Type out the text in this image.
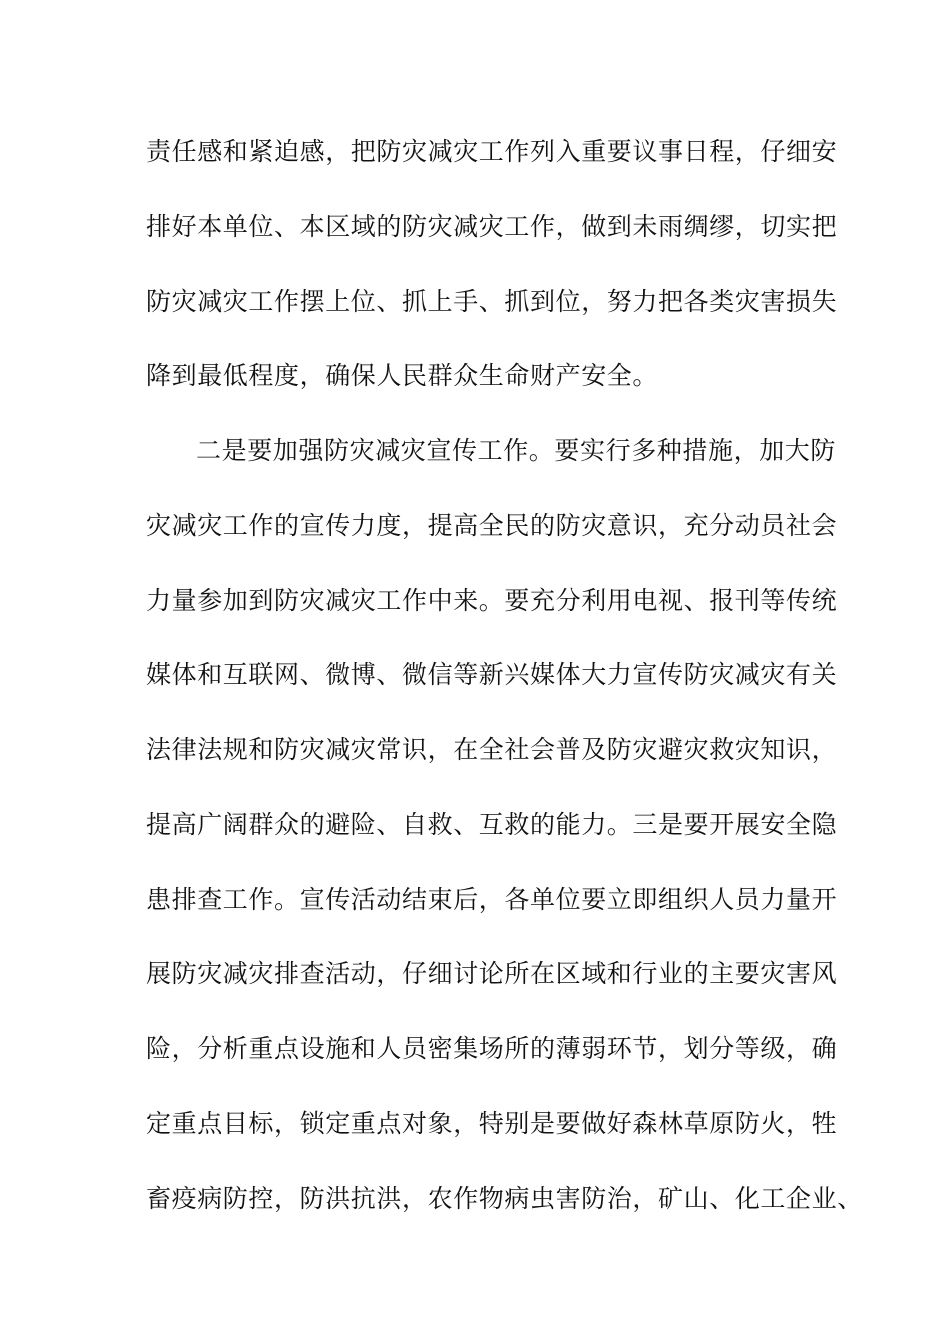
责任感和紧迫感，把防灾减灾工作列入重要议事日程，仔细安
排好本单位、本区域的防灾减灾工作，做到未雨绸缪，切实把
防灾减灾工作摆上位、抓上手、抓到位，努力把各类灾害损失
降到最低程度，确保人民群众生命财产安全。
二是要加强防灾减灾宣传工作。要实行多种措施，加大防
灾减灾工作的宣传力度，提高全民的防灾意识，充分动员社会
力量参加到防灾减灾工作中来。要充分利用电视、报刊等传统
媒体和互联网、微博、微信等新兴媒体大力宣传防灾减灾有关
法律法规和防灾减灾常识，在全社会普及防灾避灾救灾知识，
提高广阔群众的避险、自救、互救的能力。三是要开展安全隐
患排查工作。宣传活动结束后，各单位要立即组织人员力量开
展防灾减灾排查活动，仔细讨论所在区域和行业的主要灾害风
险，分析重点设施和人员密集场所的薄弱环节，划分等级，确
定重点目标，锁定重点对象，特别是要做好森林草原防火，牲
畜疫病防控，防洪抗洪，农作物病虫害防治，矿山、化工企业、
